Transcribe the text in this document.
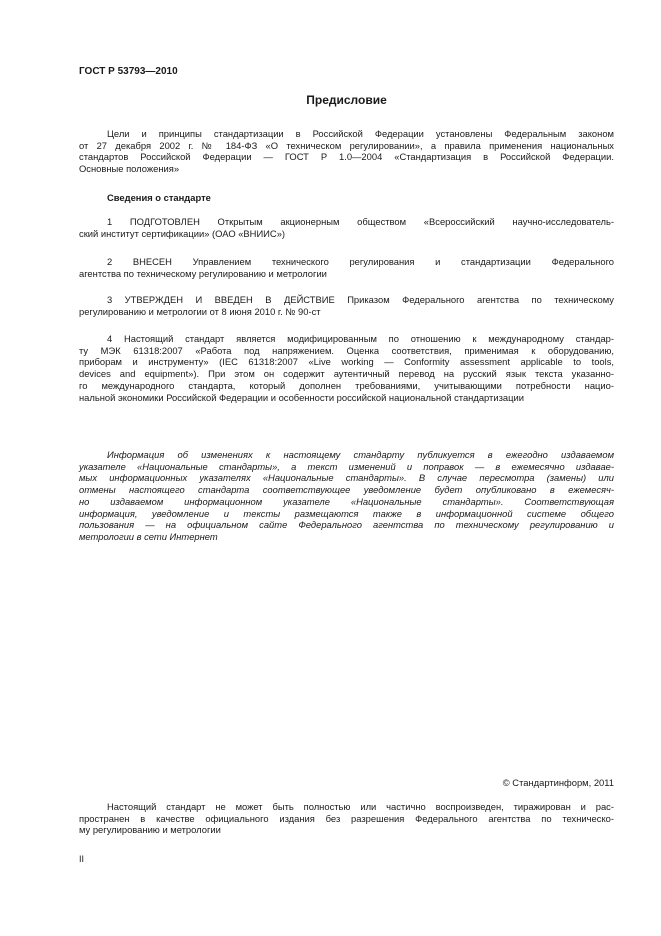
ГОСТ Р 53793—2010

Предисловие
Цели и принципы стандартизации в Российской Федерации установлены Федеральным законом
от 27 декабря 2002 г. № 184-ФЗ «О техническом регулировании», а правила применения национальных
стандартов Российской Федерации — ГОСТ Р 1.0—2004 «Стандартизация в Российской Федерации.
Основные положения»
Сведения о стандарте
1 ПОДГОТОВЛЕН Открытым акционерным обществом «Всероссийский научно-исследователь-
ский институт сертификации» (ОАО «ВНИИС»)
2 ВНЕСЕН Управлением технического регулирования и стандартизации Федерального
агентства по техническому регулированию и метрологии
3 УТВЕРЖДЕН И ВВЕДЕН В ДЕЙСТВИЕ Приказом Федерального агентства по техническому
регулированию и метрологии от 8 июня 2010 г. № 90-ст
4 Настоящий стандарт является модифицированным по отношению к международному стандар-
ту МЭК 61318:2007 «Работа под напряжением. Оценка соответствия, применимая к оборудованию,
приборам и инструменту» (IEC 61318:2007 «Live working — Conformity assessment applicable to tools,
devices and equipment»). При этом он содержит аутентичный перевод на русский язык текста указанно-
го международного стандарта, который дополнен требованиями, учитывающими потребности нацио-
нальной экономики Российской Федерации и особенности российской национальной стандартизации
Информация об изменениях к настоящему стандарту публикуется в ежегодно издаваемом
указателе «Национальные стандарты», а текст изменений и поправок — в ежемесячно издавае-
мых информационных указателях «Национальные стандарты». В случае пересмотра (замены) или
отмены настоящего стандарта соответствующее уведомление будет опубликовано в ежемесяч-
но издаваемом информационном указателе «Национальные стандарты». Соответствующая
информация, уведомление и тексты размещаются также в информационной системе общего
пользования — на официальном сайте Федерального агентства по техническому регулированию и
метрологии в сети Интернет

© Стандартинформ, 2011

Настоящий стандарт не может быть полностью или частично воспроизведен, тиражирован и рас-
пространен в качестве официального издания без разрешения Федерального агентства по техническо-
му регулированию и метрологии

II
